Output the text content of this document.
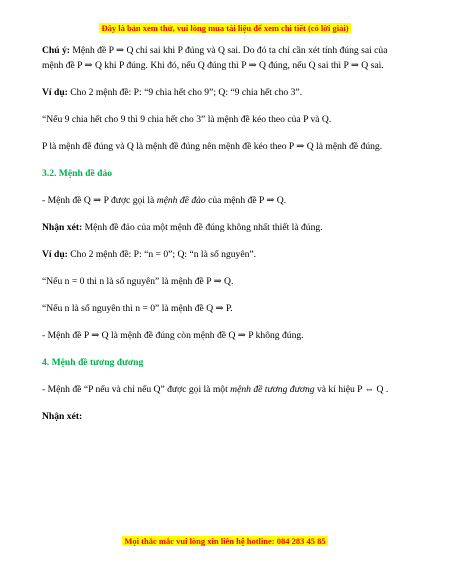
Đây là bản xem thử, vui lòng mua tài liệu để xem chi tiết (có lời giải)

Chú ý: Mệnh đề P ⇒ Q chỉ sai khi P đúng và Q sai. Do đó ta chỉ cần xét tính đúng sai của mệnh đề P ⇒ Q khi P đúng. Khi đó, nếu Q đúng thì P ⇒ Q đúng, nếu Q sai thì P ⇒ Q sai.

Ví dụ: Cho 2 mệnh đề: P: “9 chia hết cho 9”; Q: “9 chia hết cho 3”.

“Nếu 9 chia hết cho 9 thì 9 chia hết cho 3” là mệnh đề kéo theo của P và Q.

P là mệnh đề đúng và Q là mệnh đề đúng nên mệnh đề kéo theo P ⇒ Q là mệnh đề đúng.

3.2. Mệnh đề đảo

- Mệnh đề Q ⇒ P được gọi là mệnh đề đảo của mệnh đề P ⇒ Q.

Nhận xét: Mệnh đề đảo của một mệnh đề đúng không nhất thiết là đúng.

Ví dụ: Cho 2 mệnh đề: P: “n = 0”; Q: “n là số nguyên”.

“Nếu n = 0 thì n là số nguyên” là mệnh đề P ⇒ Q.

“Nếu n là số nguyên thì n = 0” là mệnh đề Q ⇒ P.

- Mệnh đề P ⇒ Q là mệnh đề đúng còn mệnh đề Q ⇒ P không đúng.

4. Mệnh đề tương đương

- Mệnh đề “P nếu và chỉ nếu Q” được gọi là một mệnh đề tương đương và kí hiệu P ⇔ Q .

Nhận xét:

Mọi thắc mắc vui lòng xin liên hệ hotline: 084 283 45 85
